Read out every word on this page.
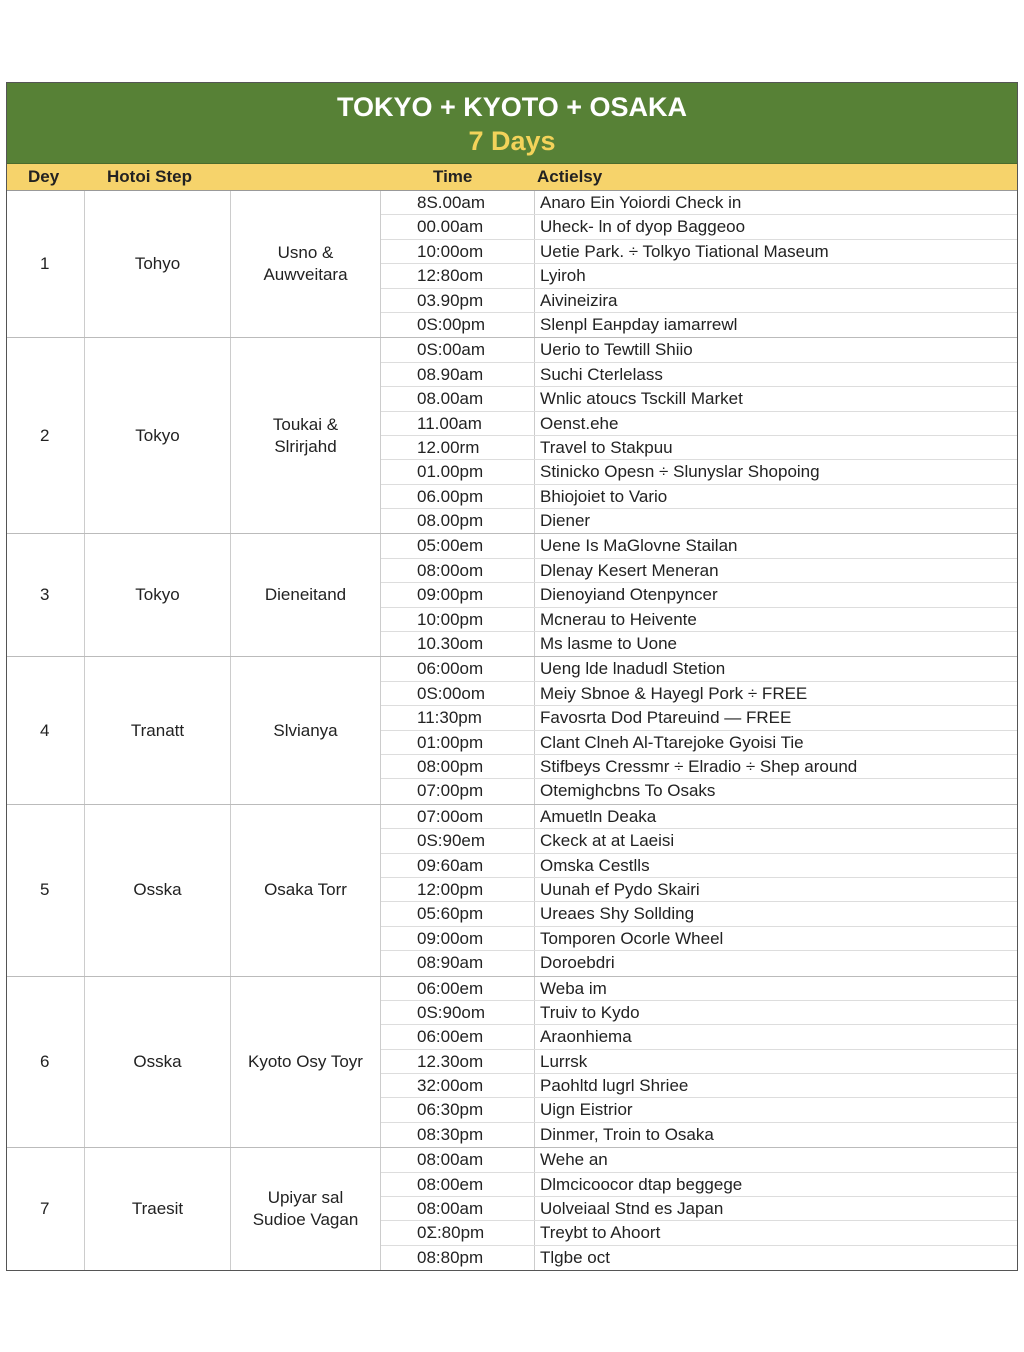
TOKYO + KYOTO + OSAKA
7 Days
Dey	Hotoi Step	Time	Actielsy
1	Tohyo
Usno &
Auwveitara
8S.00am	Anarо Ein Yoiordi Check in
00.00am	Uheck- ln of dyop Baggeoo
10:00om	Uetie Park. ÷ Tolkyo Tiational Maseum
12:80om	Lyiroh
03.90pm	Aivineizira
0S:00pm	Slenpl Eaнpday iamarrewl
2	Tokyo
Toukai &
Slrirjahd
0S:00am	Uerio to Tewtill Shiio
08.90am	Suchi Cterlelass
08.00am	Wnlic atoucs Tsckill Market
11.00am	Oenst.ehe
12.00rm	Travel to Stakpuu
01.00pm	Stinicko Opesn ÷ Slunyslar Shopoing
06.00pm	Bhiojoiet to Vario
08.00pm	Diener
3	Tokyo	Dieneitand
05:00em	Uene Is MaGlovne Stailan
08:00om	Dlenay Kesert Meneran
09:00pm	Dienoyiand Otenpyncer
10:00pm	Mcnerau to Heivente
10.30om	Ms lasme to Uone
4	Tranatt	Slvianya
06:00om	Ueng lde lnadudl Stetion
0S:00om	Meiy Sbnoe & Hayegl Pork ÷ FREE
11:30pm	Favosrta Dod Ptareuind — FREE
01:00pm	Clant Clneh Al-Ttarejoke Gyoisi Tie
08:00pm	Stifbeys Cressmr ÷ Elradio ÷ Shep around
07:00pm	Otemighcbns To Osaks
5	Osska	Osaka Torr
07:00om	Amuetln Deaka
0S:90em	Ckeck at at Laeisi
09:60am	Omska Cestlls
12:00pm	Uunah ef Pydo Skairi
05:60pm	Ureaes Shy Sollding
09:00om	Tomporen Ocorle Wheel
08:90am	Doroebdri
6	Osska	Kyoto Osy Toyr
06:00em	Weba im
0S:90om	Truiv to Kydo
06:00em	Araonhiema
12.30om	Lurrsk
32:00om	Paohltd lugrl Shriee
06:30pm	Uign Eistrior
08:30pm	Dinmer, Troin to Osaka
7	Traesit
Upiyar sal
Sudioe Vagan
08:00am	Wehe an
08:00em	Dlmcicoocor dtap beggege
08:00am	Uolveiaal Stnd es Japan
0Σ:80pm	Treybt to Ahoort
08:80pm	Tlgbe oct
